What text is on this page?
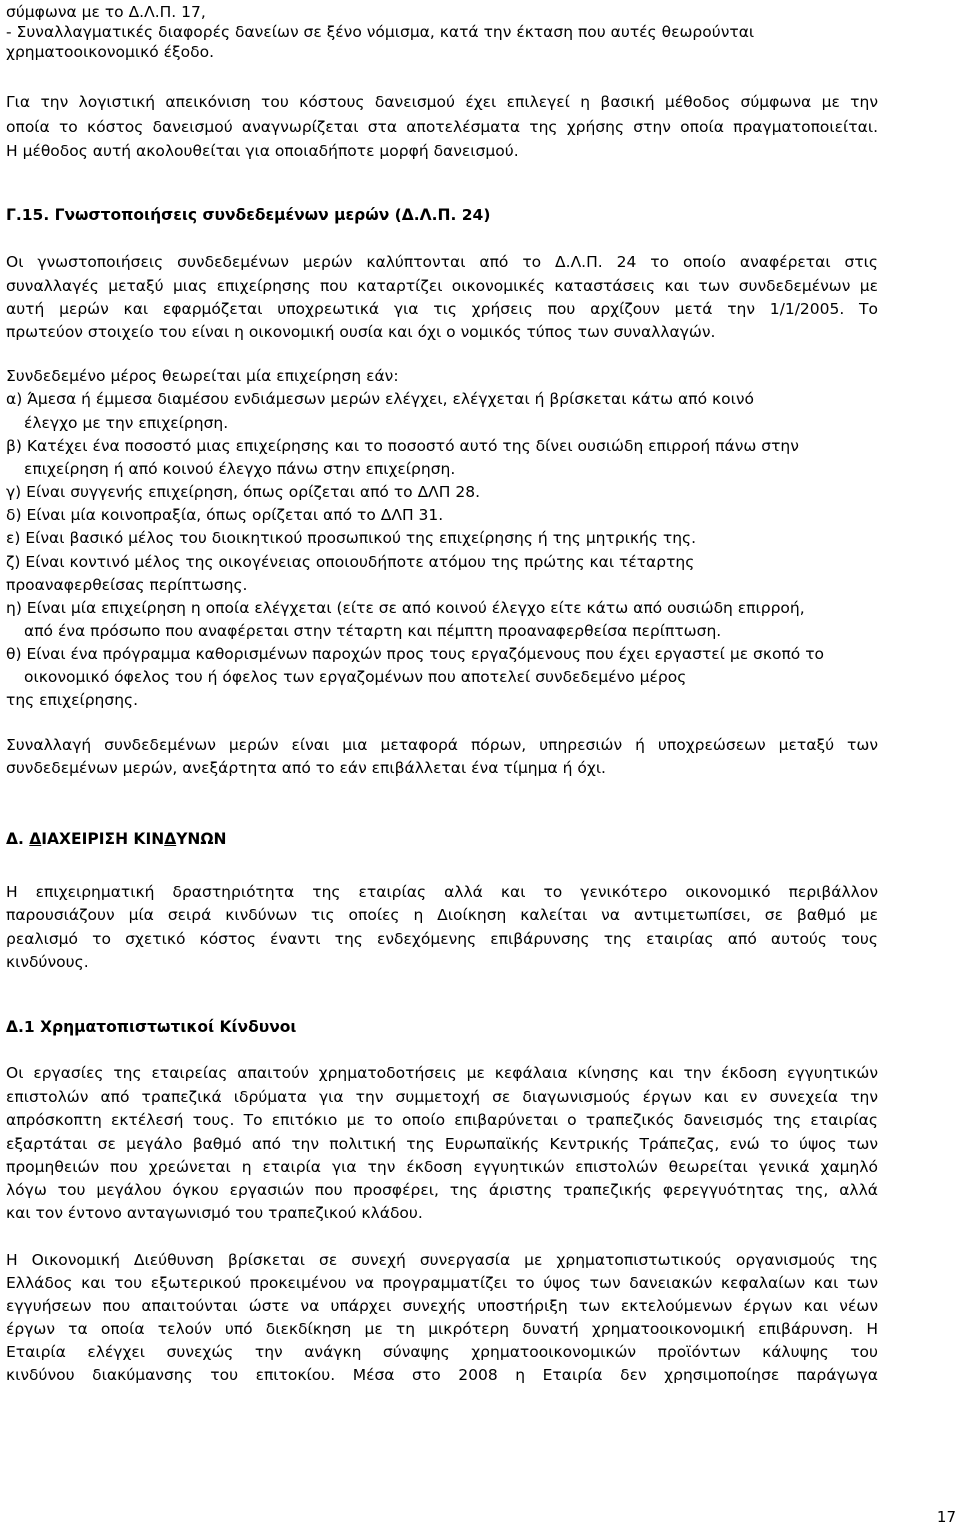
σύμφωνα με το Δ.Λ.Π. 17,
- Συναλλαγματικές διαφορές δανείων σε ξένο νόμισμα, κατά την έκταση που αυτές θεωρούνται
χρηματοοικονομικό έξοδο.
Για την λογιστική απεικόνιση του κόστους δανεισμού έχει επιλεγεί η βασική μέθοδος σύμφωνα με την
οποία το κόστος δανεισμού αναγνωρίζεται στα αποτελέσματα της χρήσης στην οποία πραγματοποιείται.
Η μέθοδος αυτή ακολουθείται για οποιαδήποτε μορφή δανεισμού.
Γ.15. Γνωστοποιήσεις συνδεδεμένων μερών (Δ.Λ.Π. 24)
Οι γνωστοποιήσεις συνδεδεμένων μερών καλύπτονται από το Δ.Λ.Π. 24 το οποίο αναφέρεται στις
συναλλαγές μεταξύ μιας επιχείρησης που καταρτίζει οικονομικές καταστάσεις και των συνδεδεμένων με
αυτή μερών και εφαρμόζεται υποχρεωτικά για τις χρήσεις που αρχίζουν μετά την 1/1/2005. Το
πρωτεύον στοιχείο του είναι η οικονομική ουσία και όχι ο νομικός τύπος των συναλλαγών.
Συνδεδεμένο μέρος θεωρείται μία επιχείρηση εάν:
α) Άμεσα ή έμμεσα διαμέσου ενδιάμεσων μερών ελέγχει, ελέγχεται ή βρίσκεται κάτω από κοινό
έλεγχο με την επιχείρηση.
β) Κατέχει ένα ποσοστό μιας επιχείρησης και το ποσοστό αυτό της δίνει ουσιώδη επιρροή πάνω στην
επιχείρηση ή από κοινού έλεγχο πάνω στην επιχείρηση.
γ) Είναι συγγενής επιχείρηση, όπως ορίζεται από το ΔΛΠ 28.
δ) Είναι μία κοινοπραξία, όπως ορίζεται από το ΔΛΠ 31.
ε) Είναι βασικό μέλος του διοικητικού προσωπικού της επιχείρησης ή της μητρικής της.
ζ) Είναι κοντινό μέλος της οικογένειας οποιουδήποτε ατόμου της πρώτης και τέταρτης
προαναφερθείσας περίπτωσης.
η) Είναι μία επιχείρηση η οποία ελέγχεται (είτε σε από κοινού έλεγχο είτε κάτω από ουσιώδη επιρροή,
από ένα πρόσωπο που αναφέρεται στην τέταρτη και πέμπτη προαναφερθείσα περίπτωση.
θ) Είναι ένα πρόγραμμα καθορισμένων παροχών προς τους εργαζόμενους που έχει εργαστεί με σκοπό το
οικονομικό όφελος του ή όφελος των εργαζομένων που αποτελεί συνδεδεμένο μέρος
της επιχείρησης.
Συναλλαγή συνδεδεμένων μερών είναι μια μεταφορά πόρων, υπηρεσιών ή υποχρεώσεων μεταξύ των
συνδεδεμένων μερών, ανεξάρτητα από το εάν επιβάλλεται ένα τίμημα ή όχι.
Δ. ΔΙΑΧΕΙΡΙΣΗ ΚΙΝΔΥΝΩΝ
Η επιχειρηματική δραστηριότητα της εταιρίας αλλά και το γενικότερο οικονομικό περιβάλλον
παρουσιάζουν μία σειρά κινδύνων τις οποίες η Διοίκηση καλείται να αντιμετωπίσει, σε βαθμό με
ρεαλισμό το σχετικό κόστος έναντι της ενδεχόμενης επιβάρυνσης της εταιρίας από αυτούς τους
κινδύνους.
Δ.1 Χρηματοπιστωτικοί Κίνδυνοι
Οι εργασίες της εταιρείας απαιτούν χρηματοδοτήσεις με κεφάλαια κίνησης και την έκδοση εγγυητικών
επιστολών από τραπεζικά ιδρύματα για την συμμετοχή σε διαγωνισμούς έργων και εν συνεχεία την
απρόσκοπτη εκτέλεσή τους. Το επιτόκιο με το οποίο επιβαρύνεται ο τραπεζικός δανεισμός της εταιρίας
εξαρτάται σε μεγάλο βαθμό από την πολιτική της Ευρωπαϊκής Κεντρικής Τράπεζας, ενώ το ύψος των
προμηθειών που χρεώνεται η εταιρία για την έκδοση εγγυητικών επιστολών θεωρείται γενικά χαμηλό
λόγω του μεγάλου όγκου εργασιών που προσφέρει, της άριστης τραπεζικής φερεγγυότητας της, αλλά
και τον έντονο ανταγωνισμό του τραπεζικού κλάδου.
Η Οικονομική Διεύθυνση βρίσκεται σε συνεχή συνεργασία με χρηματοπιστωτικούς οργανισμούς της
Ελλάδος και του εξωτερικού προκειμένου να προγραμματίζει το ύψος των δανειακών κεφαλαίων και των
εγγυήσεων που απαιτούνται ώστε να υπάρχει συνεχής υποστήριξη των εκτελούμενων έργων και νέων
έργων τα οποία τελούν υπό διεκδίκηση με τη μικρότερη δυνατή χρηματοοικονομική επιβάρυνση. Η
Εταιρία ελέγχει συνεχώς την ανάγκη σύναψης χρηματοοικονομικών προϊόντων κάλυψης του
κινδύνου διακύμανσης του επιτοκίου. Μέσα στο 2008 η Εταιρία δεν χρησιμοποίησε παράγωγα
17
